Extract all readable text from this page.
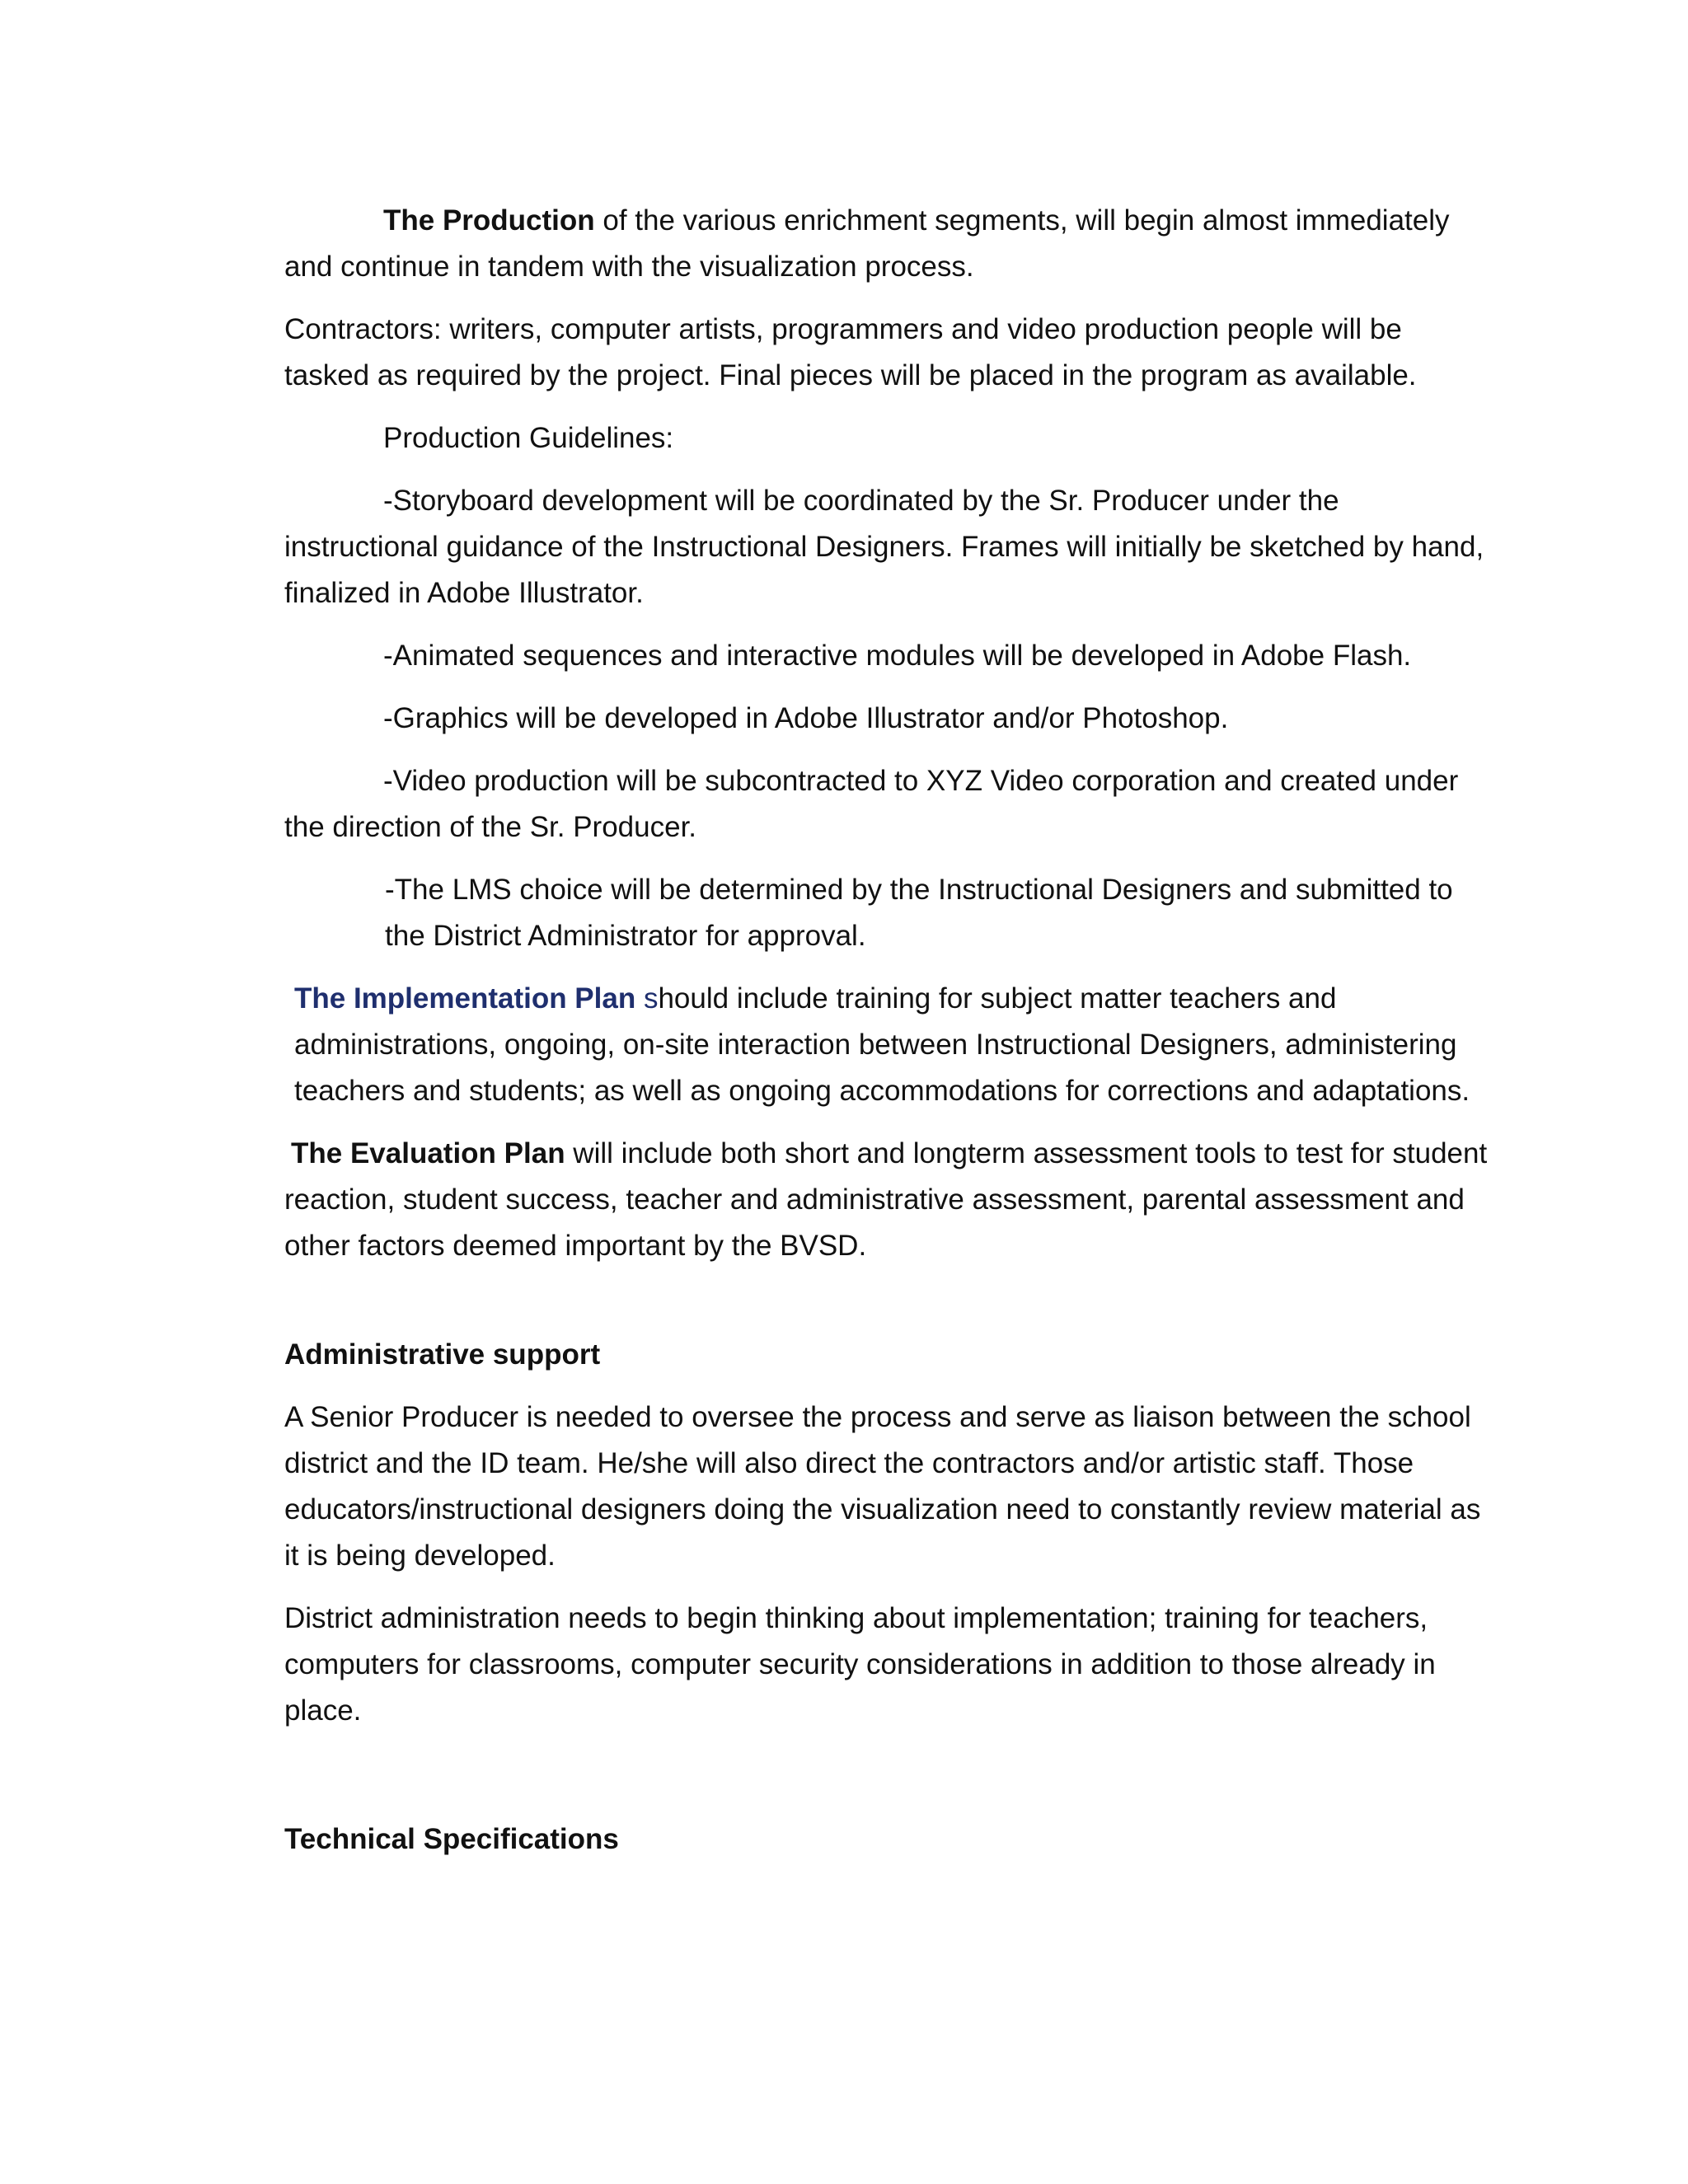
The Production of the various enrichment segments, will begin almost immediately and continue in tandem with the visualization process.

Contractors: writers, computer artists, programmers and video production people will be tasked as required by the project. Final pieces will be placed in the program as available.

Production Guidelines:

-Storyboard development will be coordinated by the Sr. Producer under the instructional guidance of the Instructional Designers. Frames will initially be sketched by hand, finalized in Adobe Illustrator.

-Animated sequences and interactive modules will be developed in Adobe Flash.

-Graphics will be developed in Adobe Illustrator and/or Photoshop.

-Video production will be subcontracted to XYZ Video corporation and created under the direction of the Sr. Producer.

-The LMS choice will be determined by the Instructional Designers and submitted to the District Administrator for approval.

The Implementation Plan should include training for subject matter teachers and administrations, ongoing, on-site interaction between Instructional Designers, administering teachers and students; as well as ongoing accommodations for corrections and adaptations.

The Evaluation Plan will include both short and longterm assessment tools to test for student reaction, student success, teacher and administrative assessment, parental assessment and other factors deemed important by the BVSD.

Administrative support

A Senior Producer is needed to oversee the process and serve as liaison between the school district and the ID team. He/she will also direct the contractors and/or artistic staff. Those educators/instructional designers doing the visualization need to constantly review material as it is being developed.

District administration needs to begin thinking about implementation; training for teachers, computers for classrooms, computer security considerations in addition to those already in place.

Technical Specifications
